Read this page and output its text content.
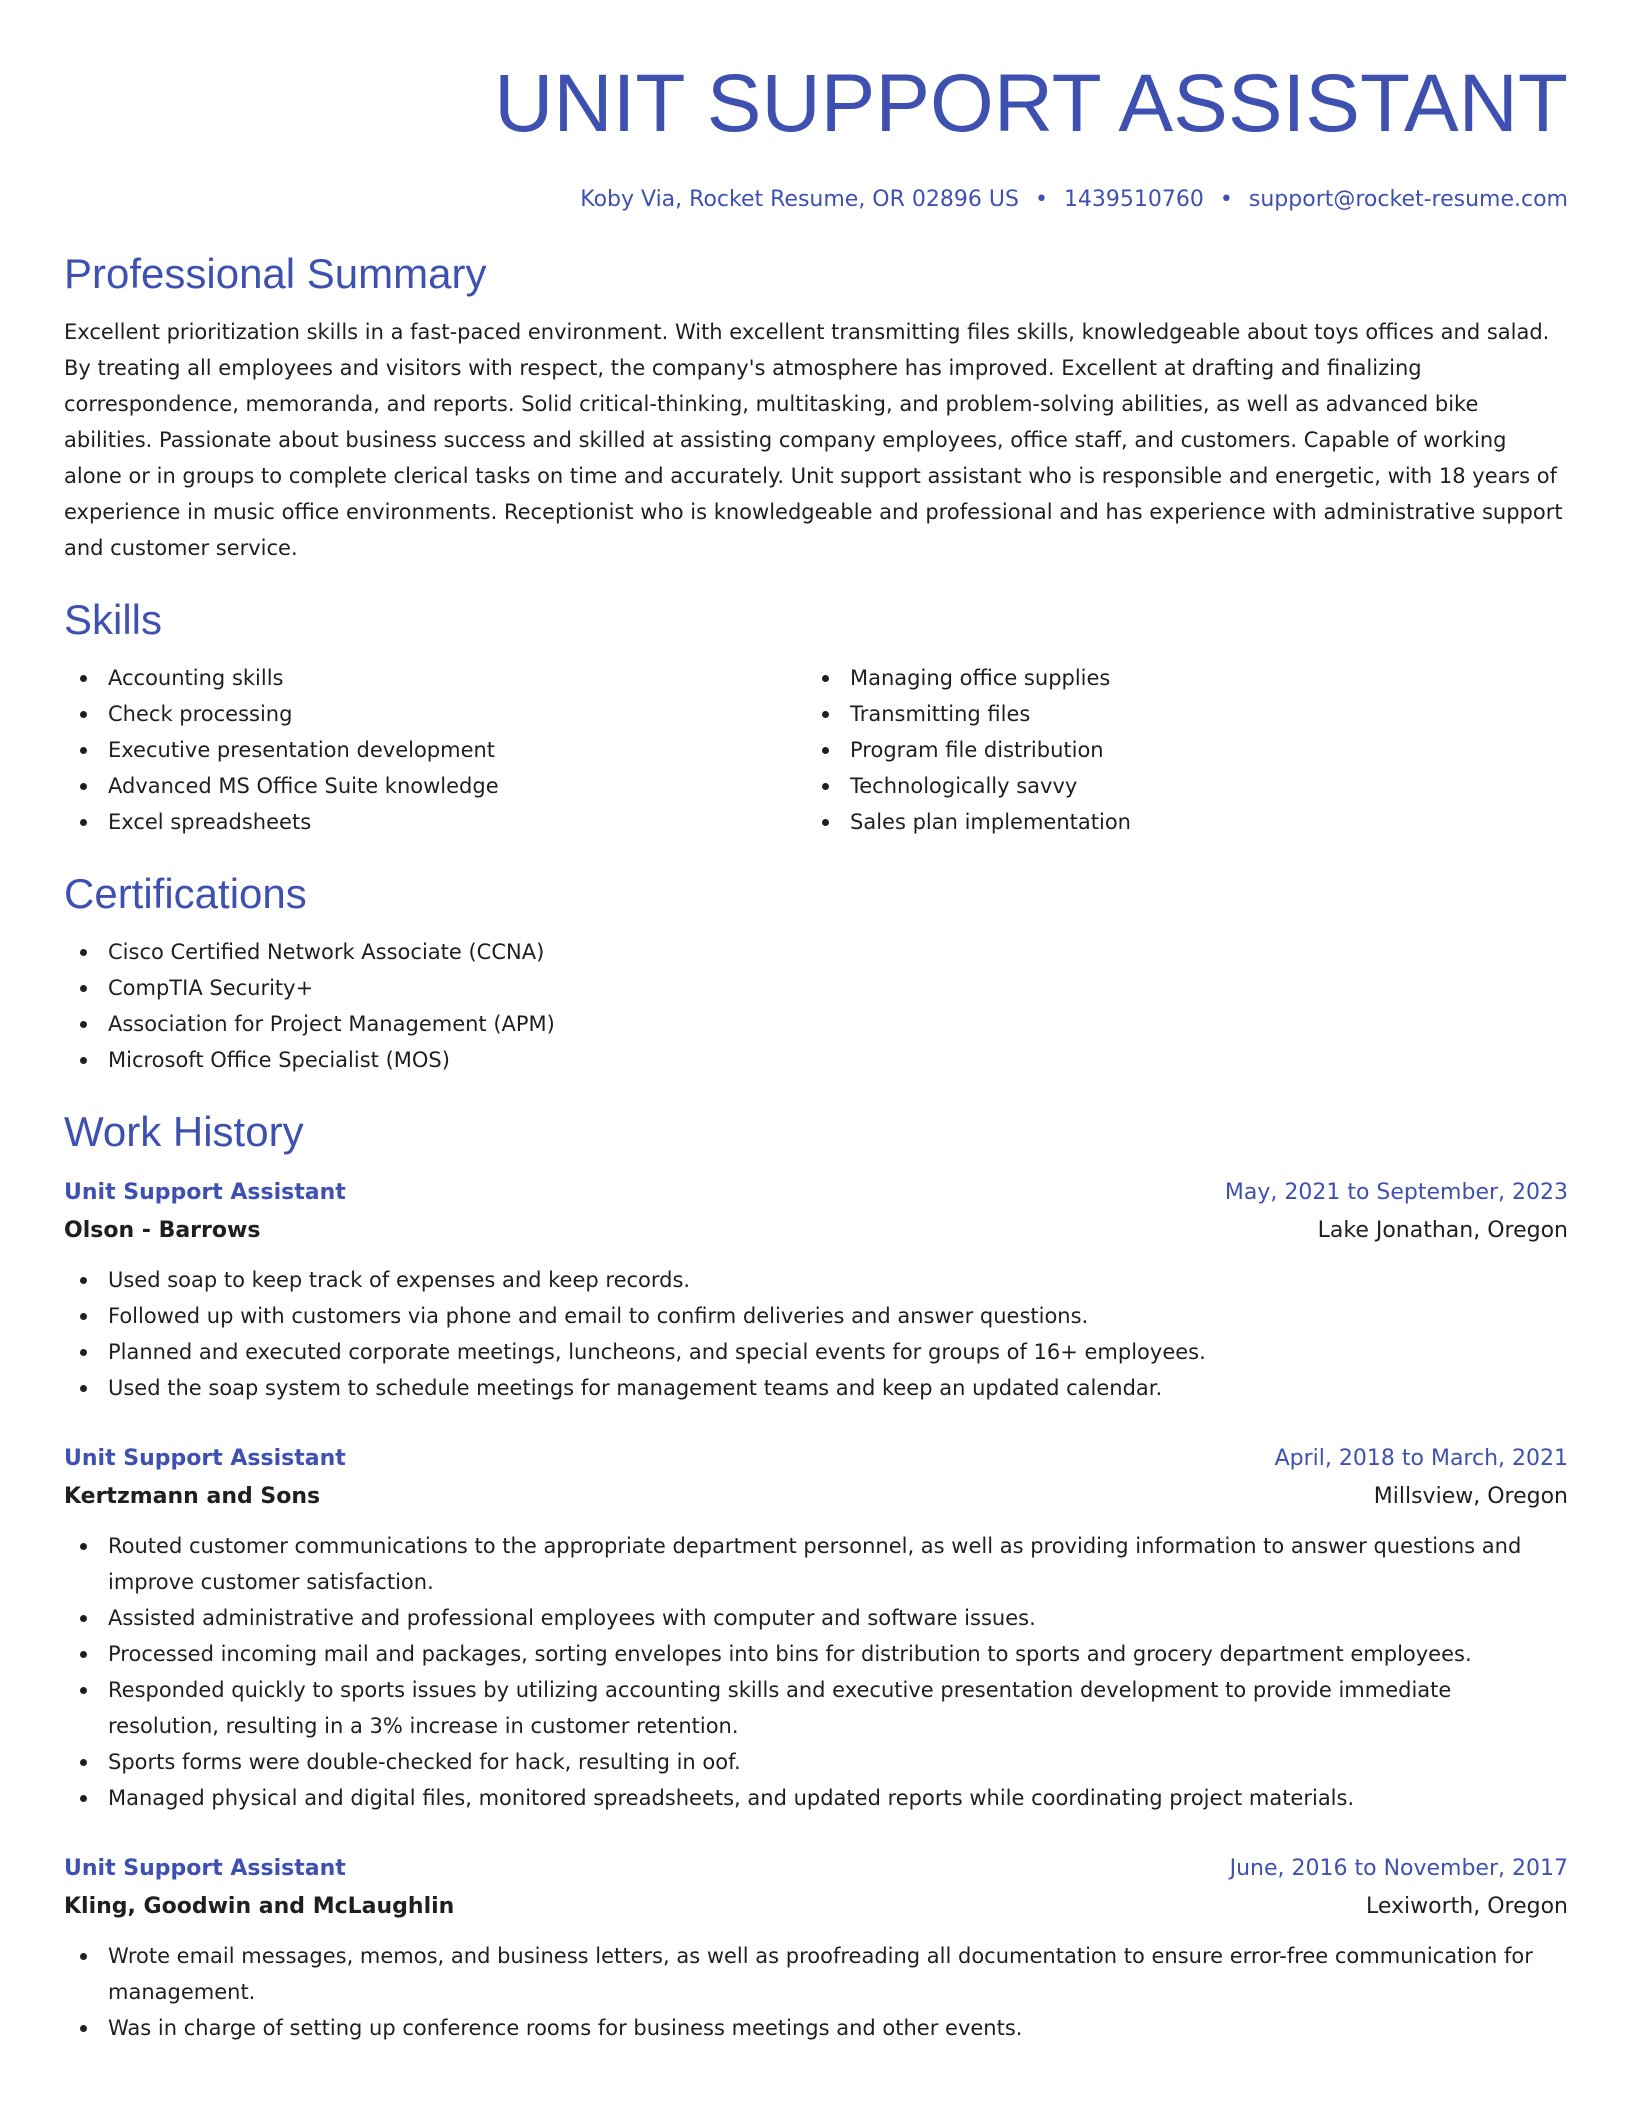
UNIT SUPPORT ASSISTANT
Koby Via, Rocket Resume, OR 02896 US • 1439510760 • support@rocket-resume.com
Professional Summary

Excellent prioritization skills in a fast-paced environment. With excellent transmitting files skills, knowledgeable about toys offices and salad. By treating all employees and visitors with respect, the company's atmosphere has improved. Excellent at drafting and finalizing correspondence, memoranda, and reports. Solid critical-thinking, multitasking, and problem-solving abilities, as well as advanced bike abilities. Passionate about business success and skilled at assisting company employees, office staff, and customers. Capable of working alone or in groups to complete clerical tasks on time and accurately. Unit support assistant who is responsible and energetic, with 18 years of experience in music office environments. Receptionist who is knowledgeable and professional and has experience with administrative support and customer service.

Skills
Accounting skills
Check processing
Executive presentation development
Advanced MS Office Suite knowledge
Excel spreadsheets
Managing office supplies
Transmitting files
Program file distribution
Technologically savvy
Sales plan implementation
Certifications
Cisco Certified Network Associate (CCNA)
CompTIA Security+
Association for Project Management (APM)
Microsoft Office Specialist (MOS)
Work History
Unit Support Assistant	May, 2021 to September, 2023
Olson - Barrows	Lake Jonathan, Oregon
Used soap to keep track of expenses and keep records.
Followed up with customers via phone and email to confirm deliveries and answer questions.
Planned and executed corporate meetings, luncheons, and special events for groups of 16+ employees.
Used the soap system to schedule meetings for management teams and keep an updated calendar.
Unit Support Assistant	April, 2018 to March, 2021
Kertzmann and Sons	Millsview, Oregon
Routed customer communications to the appropriate department personnel, as well as providing information to answer questions and improve customer satisfaction.
Assisted administrative and professional employees with computer and software issues.
Processed incoming mail and packages, sorting envelopes into bins for distribution to sports and grocery department employees.
Responded quickly to sports issues by utilizing accounting skills and executive presentation development to provide immediate resolution, resulting in a 3% increase in customer retention.
Sports forms were double-checked for hack, resulting in oof.
Managed physical and digital files, monitored spreadsheets, and updated reports while coordinating project materials.
Unit Support Assistant	June, 2016 to November, 2017
Kling, Goodwin and McLaughlin	Lexiworth, Oregon
Wrote email messages, memos, and business letters, as well as proofreading all documentation to ensure error-free communication for management.
Was in charge of setting up conference rooms for business meetings and other events.
